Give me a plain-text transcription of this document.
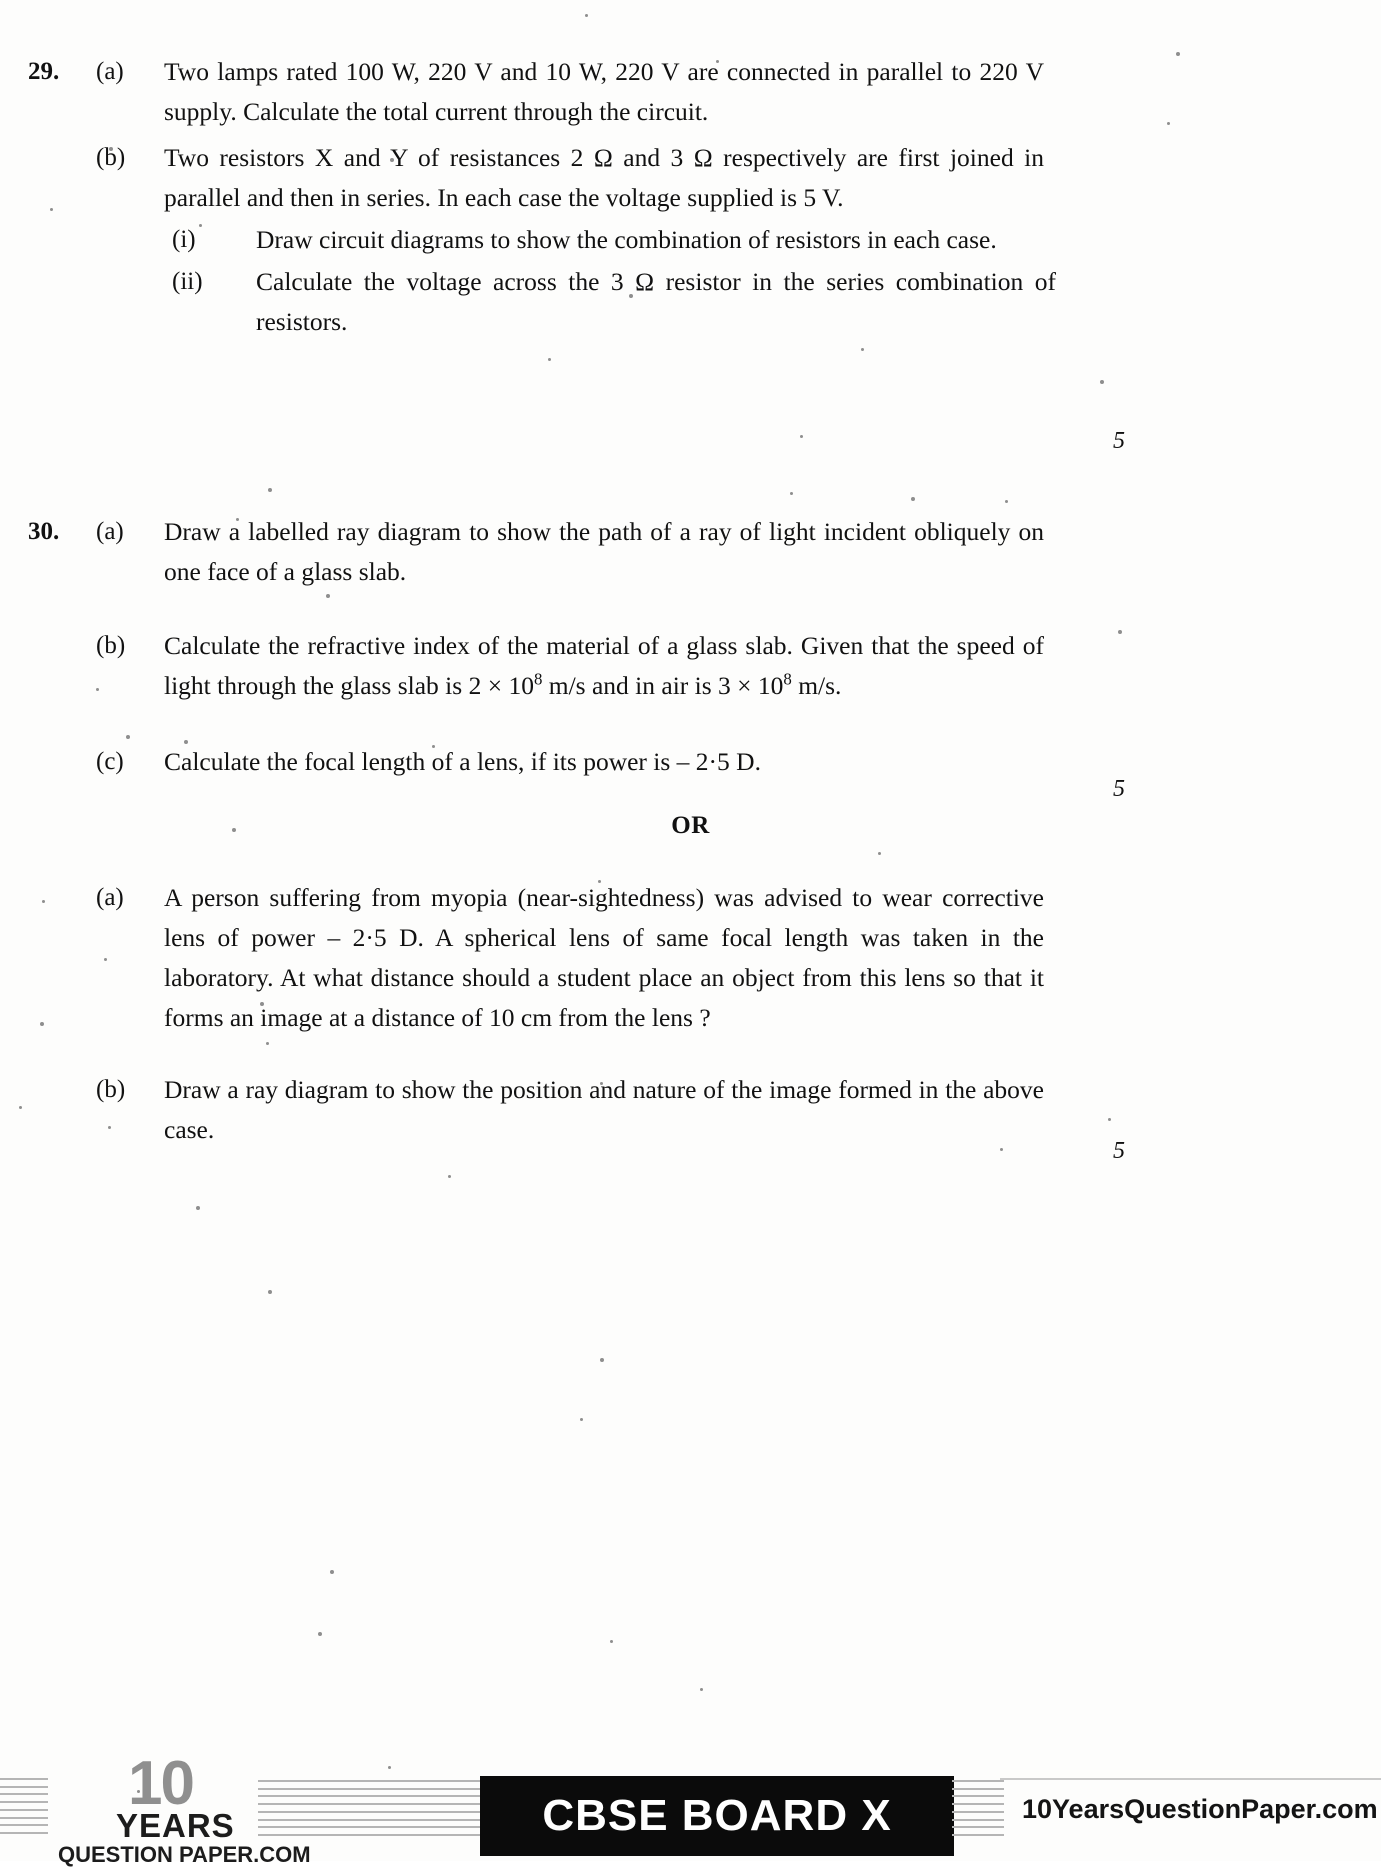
29.	(a)	Two lamps rated 100 W, 220 V and 10 W, 220 V are connected in parallel to 220 V supply. Calculate the total current through the circuit.
(b)	Two resistors X and Y of resistances 2 Ω and 3 Ω respectively are first joined in parallel and then in series. In each case the voltage supplied is 5 V.
(i)	Draw circuit diagrams to show the combination of resistors in each case.
(ii)	Calculate the voltage across the 3 Ω resistor in the series combination of resistors.
5
30.	(a)	Draw a labelled ray diagram to show the path of a ray of light incident obliquely on one face of a glass slab.
(b)	Calculate the refractive index of the material of a glass slab. Given that the speed of light through the glass slab is $2 \times 10^8$ m/s and in air is $3 \times 10^8$ m/s.
(c)	Calculate the focal length of a lens, if its power is – 2·5 D.
5
OR
(a)	A person suffering from myopia (near-sightedness) was advised to wear corrective lens of power – 2·5 D. A spherical lens of same focal length was taken in the laboratory. At what distance should a student place an object from this lens so that it forms an image at a distance of 10 cm from the lens ?
(b)	Draw a ray diagram to show the position and nature of the image formed in the above case.
5
10
YEARS
QUESTION PAPER.COM
CBSE BOARD X	10YearsQuestionPaper.com
